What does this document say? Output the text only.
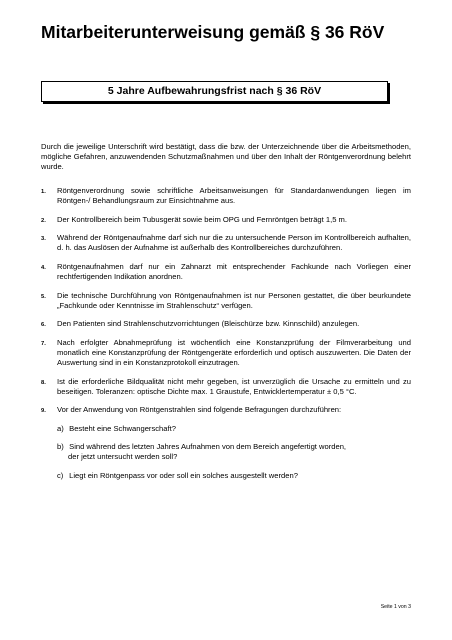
Mitarbeiterunterweisung gemäß § 36 RöV
5 Jahre Aufbewahrungsfrist nach § 36 RöV
Durch die jeweilige Unterschrift wird bestätigt, dass die bzw. der Unterzeichnende über die Arbeitsmethoden, mögliche Gefahren, anzuwendenden Schutzmaßnahmen und über den Inhalt der Röntgenverordnung belehrt wurde.
1. Röntgenverordnung sowie schriftliche Arbeitsanweisungen für Standardanwendungen liegen im Röntgen-/ Behandlungsraum zur Einsichtnahme aus.
2. Der Kontrollbereich beim Tubusgerät sowie beim OPG und Fernröntgen beträgt 1,5 m.
3. Während der Röntgenaufnahme darf sich nur die zu untersuchende Person im Kontrollbereich aufhalten, d. h. das Auslösen der Aufnahme ist außerhalb des Kontrollbereiches durchzuführen.
4. Röntgenaufnahmen darf nur ein Zahnarzt mit entsprechender Fachkunde nach Vorliegen einer rechtfertigenden Indikation anordnen.
5. Die technische Durchführung von Röntgenaufnahmen ist nur Personen gestattet, die über beurkundete „Fachkunde oder Kenntnisse im Strahlenschutz“ verfügen.
6. Den Patienten sind Strahlenschutzvorrichtungen (Bleischürze bzw. Kinnschild) anzulegen.
7. Nach erfolgter Abnahmeprüfung ist wöchentlich eine Konstanzprüfung der Filmverarbeitung und monatlich eine Konstanzprüfung der Röntgengeräte erforderlich und optisch auszuwerten. Die Daten der Auswertung sind in ein Konstanzprotokoll einzutragen.
8. Ist die erforderliche Bildqualität nicht mehr gegeben, ist unverzüglich die Ursache zu ermitteln und zu beseitigen. Toleranzen: optische Dichte max. 1 Graustufe, Entwicklertemperatur ± 0,5 °C.
9. Vor der Anwendung von Röntgenstrahlen sind folgende Befragungen durchzuführen:
a) Besteht eine Schwangerschaft?
b) Sind während des letzten Jahres Aufnahmen von dem Bereich angefertigt worden,
der jetzt untersucht werden soll?
c) Liegt ein Röntgenpass vor oder soll ein solches ausgestellt werden?
Seite 1 von 3
